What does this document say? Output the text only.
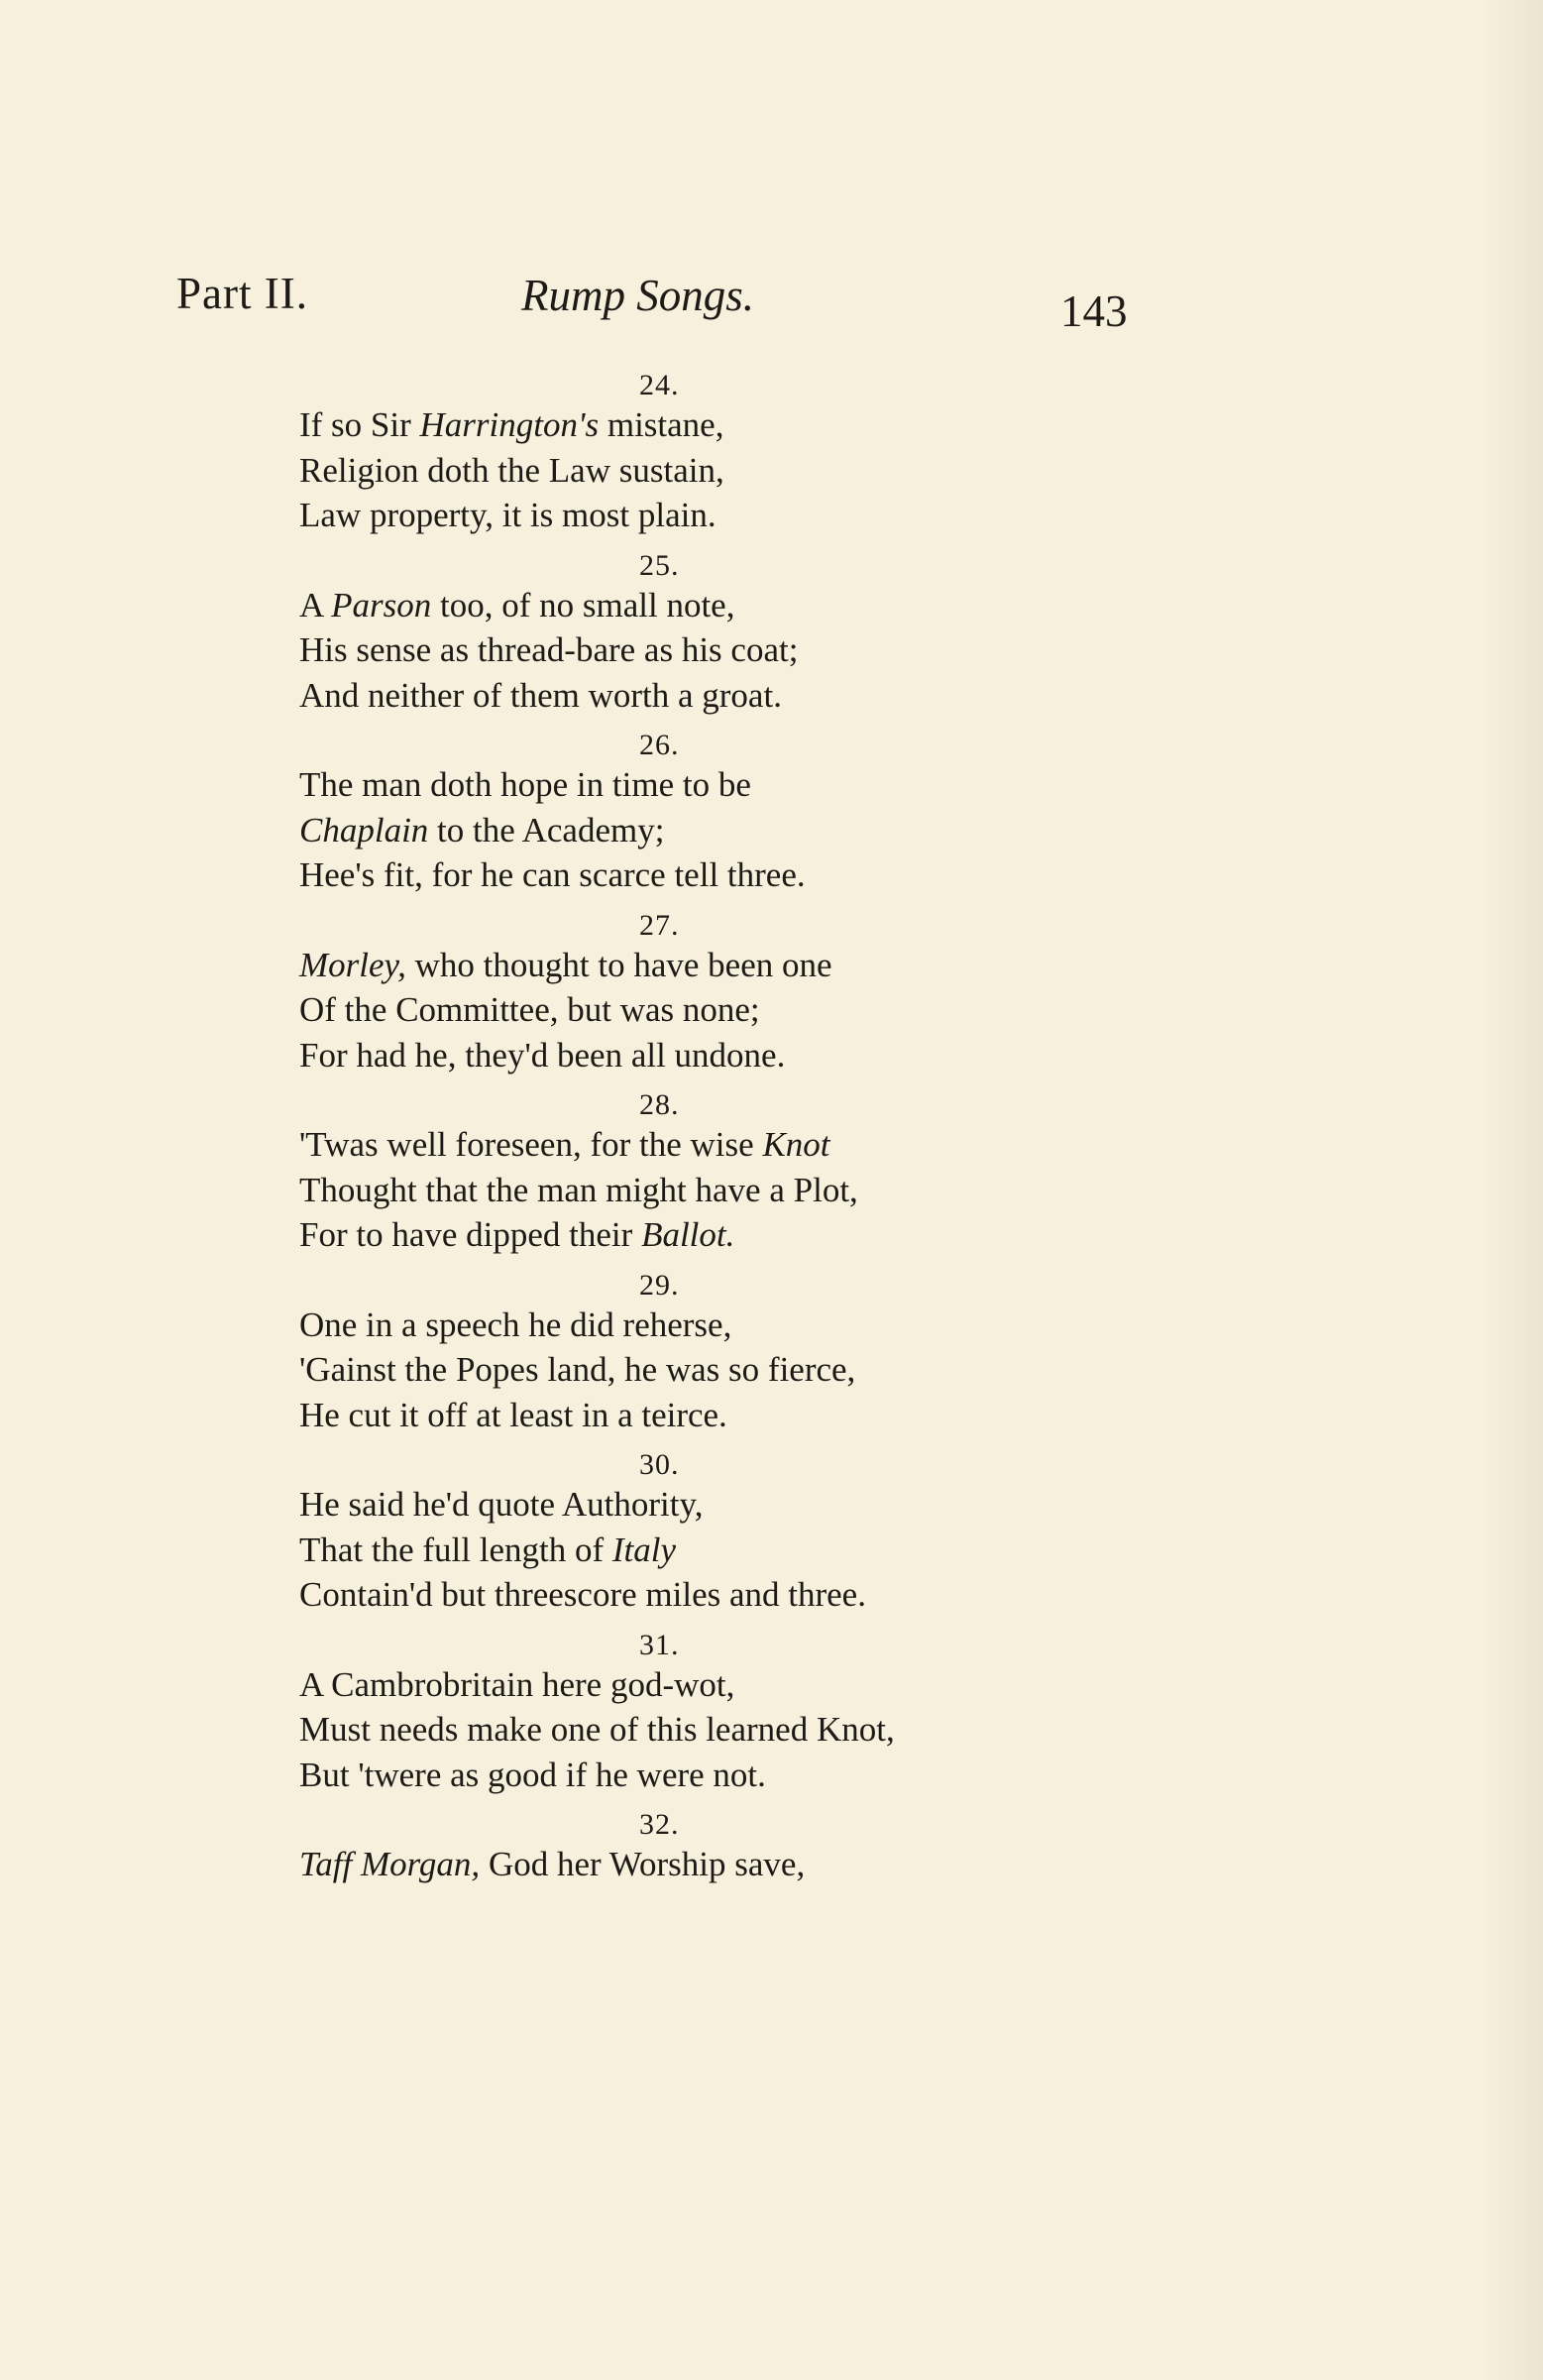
Part II.	Rump Songs.	143
24.
If so Sir Harrington's mistane,
Religion doth the Law sustain,
Law property, it is most plain.
25.
A Parson too, of no small note,
His sense as thread-bare as his coat;
And neither of them worth a groat.
26.
The man doth hope in time to be
Chaplain to the Academy;
Hee's fit, for he can scarce tell three.
27.
Morley, who thought to have been one
Of the Committee, but was none;
For had he, they'd been all undone.
28.
'Twas well foreseen, for the wise Knot
Thought that the man might have a Plot,
For to have dipped their Ballot.
29.
One in a speech he did reherse,
'Gainst the Popes land, he was so fierce,
He cut it off at least in a teirce.
30.
He said he'd quote Authority,
That the full length of Italy
Contain'd but threescore miles and three.
31.
A Cambrobritain here god-wot,
Must needs make one of this learned Knot,
But 'twere as good if he were not.
32.
Taff Morgan, God her Worship save,
